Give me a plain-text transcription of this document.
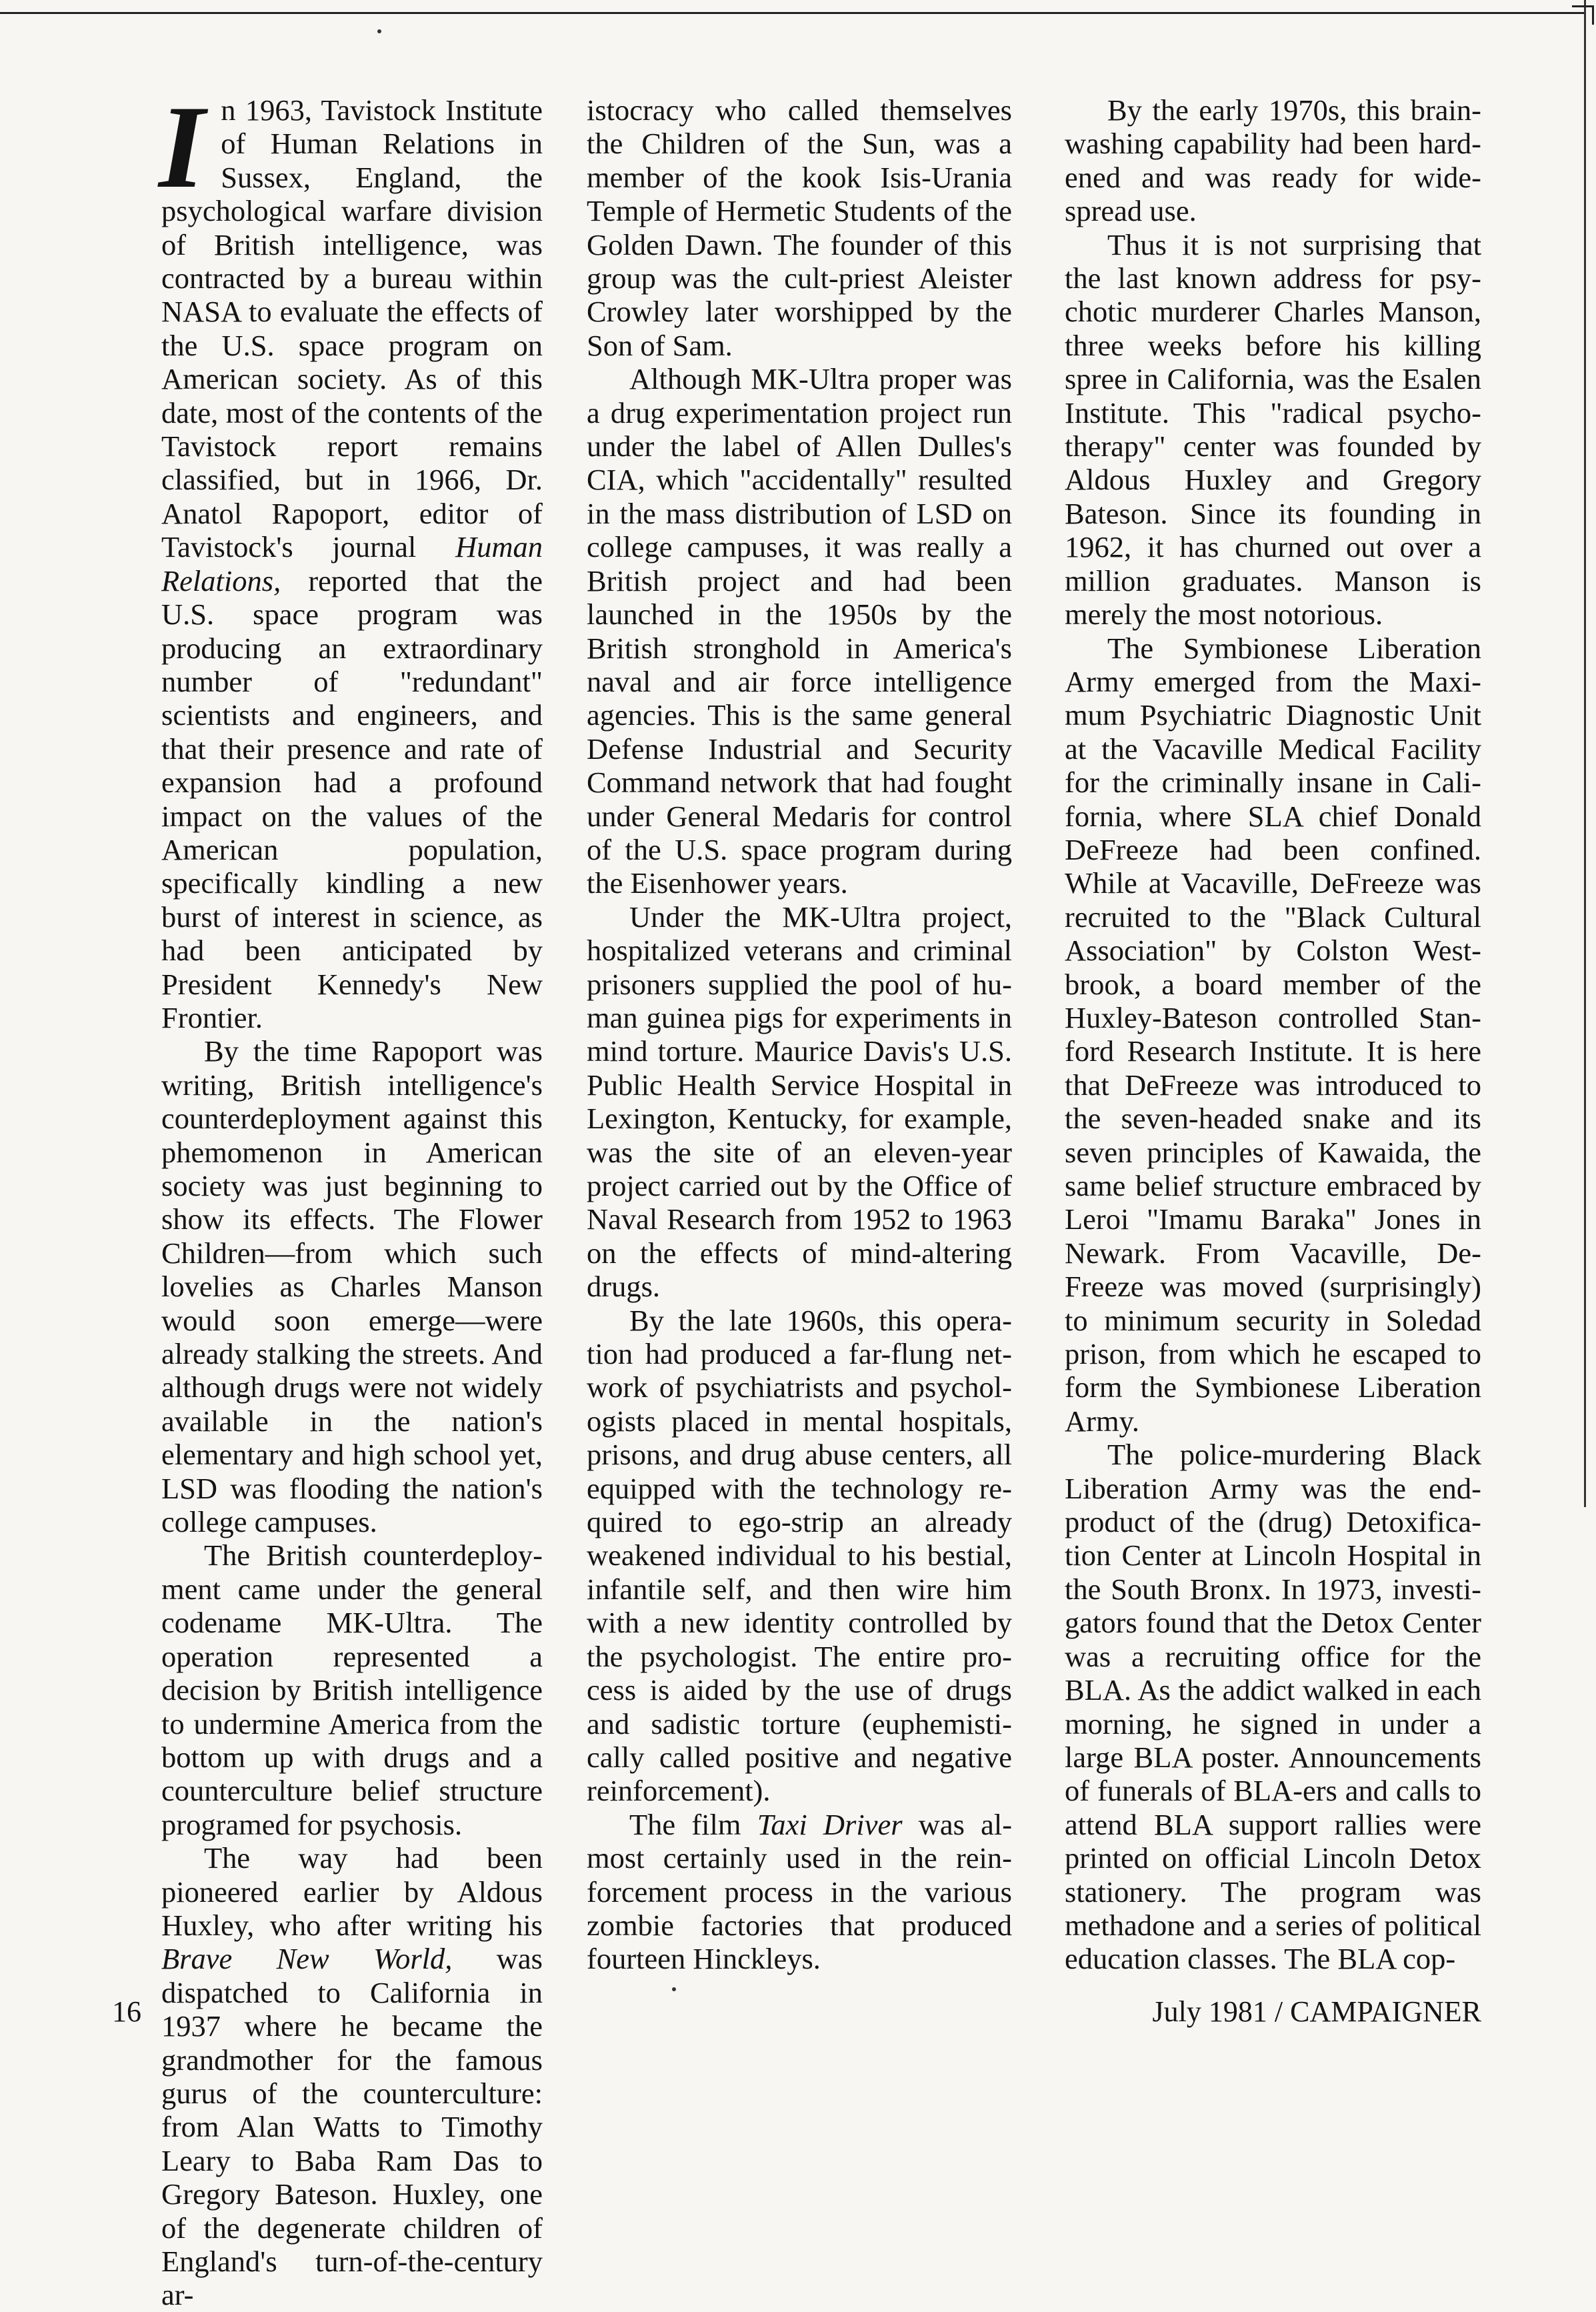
In 1963, Tavistock Institute of Human Relations in Sussex, England, the psychological warfare division of British intelligence, was contracted by a bureau within NASA to evaluate the effects of the U.S. space program on American society. As of this date, most of the contents of the Tavistock report remains classified, but in 1966, Dr. Anatol Rapoport, editor of Tavistock's journal Human Relations, reported that the U.S. space program was producing an extraordinary number of "redundant" scientists and engineers, and that their presence and rate of expansion had a profound impact on the values of the American population, specifically kindling a new burst of interest in science, as had been anticipated by President Kennedy's New Frontier.

By the time Rapoport was writing, British intelligence's counterdeployment against this phemomenon in American society was just beginning to show its effects. The Flower Children—from which such lovelies as Charles Manson would soon emerge—were already stalking the streets. And although drugs were not widely available in the nation's elementary and high school yet, LSD was flooding the nation's college campuses.

The British counterdeployment came under the general codename MK-Ultra. The operation represented a decision by British intelligence to undermine America from the bottom up with drugs and a counterculture belief structure programed for psychosis.

The way had been pioneered earlier by Aldous Huxley, who after writing his Brave New World, was dispatched to California in 1937 where he became the grandmother for the famous gurus of the counterculture: from Alan Watts to Timothy Leary to Baba Ram Das to Gregory Bateson. Huxley, one of the degenerate children of England's turn-of-the-century ar-

istocracy who called themselves the Children of the Sun, was a member of the kook Isis-Urania Temple of Hermetic Students of the Golden Dawn. The founder of this group was the cult-priest Aleister Crowley later worshipped by the Son of Sam.

Although MK-Ultra proper was a drug experimentation project run under the label of Allen Dulles's CIA, which "accidentally" resulted in the mass distribution of LSD on college campuses, it was really a British project and had been launched in the 1950s by the British stronghold in America's naval and air force intelligence agencies. This is the same general Defense Industrial and Security Command network that had fought under General Medaris for control of the U.S. space program during the Eisenhower years.

Under the MK-Ultra project, hospitalized veterans and criminal prisoners supplied the pool of human guinea pigs for experiments in mind torture. Maurice Davis's U.S. Public Health Service Hospital in Lexington, Kentucky, for example, was the site of an eleven-year project carried out by the Office of Naval Research from 1952 to 1963 on the effects of mind-altering drugs.

By the late 1960s, this operation had produced a far-flung network of psychiatrists and psychologists placed in mental hospitals, prisons, and drug abuse centers, all equipped with the technology required to ego-strip an already weakened individual to his bestial, infantile self, and then wire him with a new identity controlled by the psychologist. The entire process is aided by the use of drugs and sadistic torture (euphemistically called positive and negative reinforcement).

The film Taxi Driver was almost certainly used in the reinforcement process in the various zombie factories that produced fourteen Hinckleys.

By the early 1970s, this brainwashing capability had been hardened and was ready for widespread use.

Thus it is not surprising that the last known address for psychotic murderer Charles Manson, three weeks before his killing spree in California, was the Esalen Institute. This "radical psychotherapy" center was founded by Aldous Huxley and Gregory Bateson. Since its founding in 1962, it has churned out over a million graduates. Manson is merely the most notorious.

The Symbionese Liberation Army emerged from the Maximum Psychiatric Diagnostic Unit at the Vacaville Medical Facility for the criminally insane in California, where SLA chief Donald DeFreeze had been confined. While at Vacaville, DeFreeze was recruited to the "Black Cultural Association" by Colston Westbrook, a board member of the Huxley-Bateson controlled Stanford Research Institute. It is here that DeFreeze was introduced to the seven-headed snake and its seven principles of Kawaida, the same belief structure embraced by Leroi "Imamu Baraka" Jones in Newark. From Vacaville, DeFreeze was moved (surprisingly) to minimum security in Soledad prison, from which he escaped to form the Symbionese Liberation Army.

The police-murdering Black Liberation Army was the end-product of the (drug) Detoxification Center at Lincoln Hospital in the South Bronx. In 1973, investigators found that the Detox Center was a recruiting office for the BLA. As the addict walked in each morning, he signed in under a large BLA poster. Announcements of funerals of BLA-ers and calls to attend BLA support rallies were printed on official Lincoln Detox stationery. The program was methadone and a series of political education classes. The BLA cop-

16	July 1981 / CAMPAIGNER
